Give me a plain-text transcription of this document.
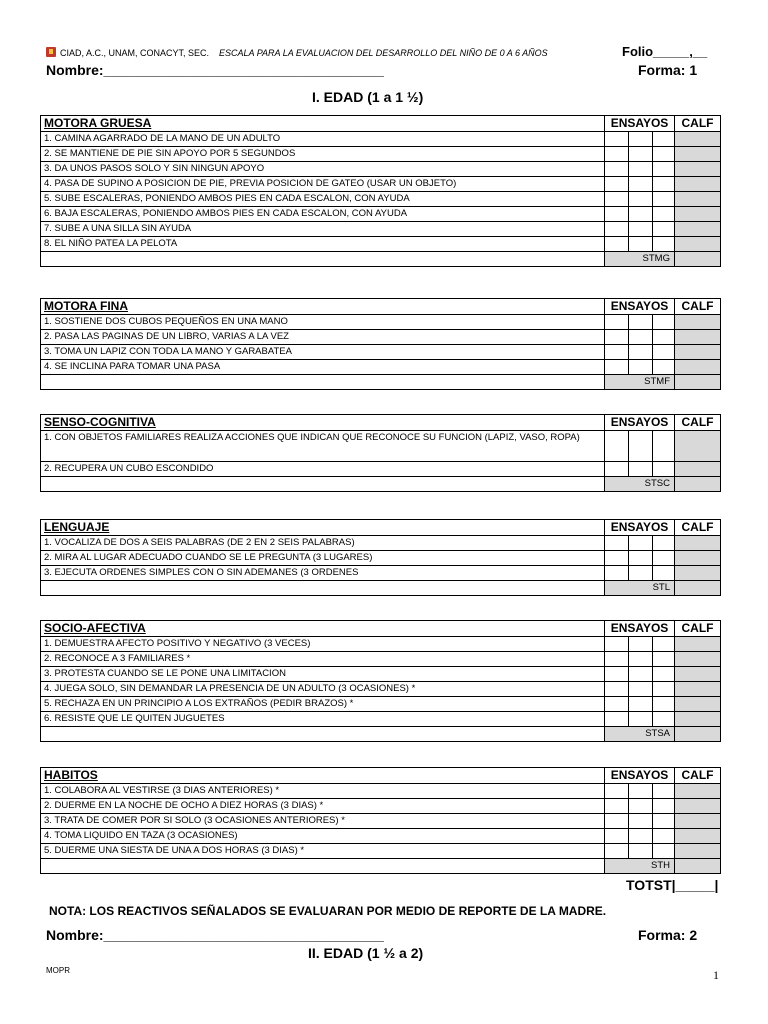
CIAD, A.C., UNAM, CONACYT, SEC. ESCALA PARA LA EVALUACION DEL DESARROLLO DEL NIÑO DE 0 A 6 AÑOS	Folio_____,__
Nombre:____________________________________	Forma: 1
I. EDAD (1 a 1 ½)
MOTORA GRUESA	ENSAYOS			CALF
1. CAMINA AGARRADO DE LA MANO DE UN ADULTO				
2. SE MANTIENE DE PIE SIN APOYO POR 5 SEGUNDOS				
3. DA UNOS PASOS SOLO Y SIN NINGUN APOYO				
4. PASA DE SUPINO A POSICION DE PIE, PREVIA POSICION DE GATEO (USAR UN OBJETO)				
5. SUBE ESCALERAS, PONIENDO AMBOS PIES EN CADA ESCALON, CON AYUDA				
6. BAJA ESCALERAS, PONIENDO AMBOS PIES EN CADA ESCALON, CON AYUDA				
7. SUBE A UNA SILLA SIN AYUDA				
8. EL NIÑO PATEA LA PELOTA				
	STMG			
MOTORA FINA	ENSAYOS			CALF
1. SOSTIENE DOS CUBOS PEQUEÑOS EN UNA MANO				
2. PASA LAS PAGINAS DE UN LIBRO, VARIAS A LA VEZ				
3. TOMA UN LAPIZ CON TODA LA MANO Y GARABATEA				
4. SE INCLINA PARA TOMAR UNA PASA				
	STMF			
SENSO-COGNITIVA	ENSAYOS			CALF
1. CON OBJETOS FAMILIARES REALIZA ACCIONES QUE INDICAN QUE RECONOCE SU FUNCION (LAPIZ, VASO, ROPA)				
2. RECUPERA UN CUBO ESCONDIDO				
	STSC			
LENGUAJE	ENSAYOS			CALF
1. VOCALIZA DE DOS A SEIS PALABRAS (DE 2 EN 2 SEIS PALABRAS)				
2. MIRA AL LUGAR ADECUADO CUANDO SE LE PREGUNTA (3 LUGARES)				
3. EJECUTA ORDENES SIMPLES CON O SIN ADEMANES (3 ORDENES				
	STL			
SOCIO-AFECTIVA	ENSAYOS			CALF
1. DEMUESTRA AFECTO POSITIVO Y NEGATIVO (3 VECES)				
2. RECONOCE A 3 FAMILIARES *				
3. PROTESTA CUANDO SE LE PONE UNA LIMITACION				
4. JUEGA SOLO, SIN DEMANDAR LA PRESENCIA DE UN ADULTO (3 OCASIONES) *				
5. RECHAZA EN UN PRINCIPIO A LOS EXTRAÑOS (PEDIR BRAZOS) *				
6. RESISTE QUE LE QUITEN JUGUETES				
	STSA			
HABITOS	ENSAYOS			CALF
1. COLABORA AL VESTIRSE (3 DIAS ANTERIORES) *				
2. DUERME EN LA NOCHE DE OCHO A DIEZ HORAS (3 DIAS) *				
3. TRATA DE COMER POR SI SOLO (3 OCASIONES ANTERIORES) *				
4. TOMA LIQUIDO EN TAZA (3 OCASIONES)				
5. DUERME UNA SIESTA DE UNA A DOS HORAS (3 DIAS) *				
	STH			
TOTST|_____|
NOTA: LOS REACTIVOS SEÑALADOS SE EVALUARAN POR MEDIO DE REPORTE DE LA MADRE.
Nombre:____________________________________	Forma: 2
II. EDAD (1 ½ a 2)
MOPR	1
